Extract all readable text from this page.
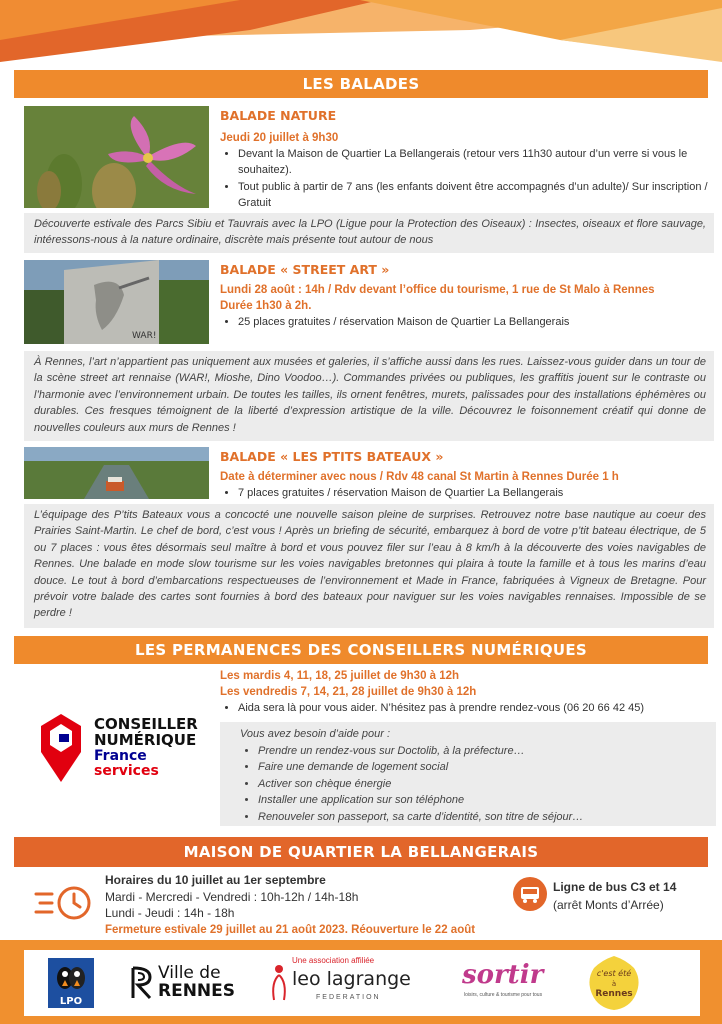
LES BALADES
BALADE NATURE
Jeudi 20 juillet à 9h30
• Devant la Maison de Quartier La Bellangerais (retour vers 11h30 autour d’un verre si vous le souhaitez).
• Tout public à partir de 7 ans (les enfants doivent être accompagnés d’un adulte)/ Sur inscription / Gratuit
Découverte estivale des Parcs Sibiu et Tauvrais avec la LPO (Ligue pour la Protection des Oiseaux) : Insectes, oiseaux et flore sauvage, intéressons-nous à la nature ordinaire, discrète mais présente tout autour de nous
WAR!
BALADE « STREET ART »
Lundi 28 août : 14h / Rdv devant l’office du tourisme, 1 rue de St Malo à Rennes
Durée 1h30 à 2h.
• 25 places gratuites / réservation Maison de Quartier La Bellangerais
À Rennes, l’art n’appartient pas uniquement aux musées et galeries, il s’affiche aussi dans les rues. Laissez-vous guider dans un tour de la scène street art rennaise (WAR!, Mioshe, Dino Voodoo…). Commandes privées ou publiques, les graffitis jouent sur le contraste ou l’harmonie avec l’environnement urbain. De toutes les tailles, ils ornent fenêtres, murets, palissades pour des installations éphémères ou durables. Ces fresques témoignent de la liberté d’expression artistique de la ville. Découvrez le foisonnement créatif qui donne de nouvelles couleurs aux murs de Rennes !
BALADE « LES PTITS BATEAUX »
Date à déterminer avec nous / Rdv 48 canal St Martin à Rennes Durée 1 h
• 7 places gratuites / réservation Maison de Quartier La Bellangerais
L’équipage des P’tits Bateaux vous a concocté une nouvelle saison pleine de surprises. Retrouvez notre base nautique au coeur des Prairies Saint-Martin. Le chef de bord, c’est vous ! Après un briefing de sécurité, embarquez à bord de votre p’tit bateau électrique, de 5 ou 7 places : vous êtes désormais seul maître à bord et vous pouvez filer sur l’eau à 8 km/h à la découverte des voies navigables de Rennes. Une balade en mode slow tourisme sur les voies navigables bretonnes qui plaira à toute la famille et à tous les marins d’eau douce. Le tout à bord d’embarcations respectueuses de l’environnement et Made in France, fabriquées à Vigneux de Bretagne. Pour prévoir votre balade des cartes sont fournies à bord des bateaux pour naviguer sur les voies navigables rennaises. Impossible de se perdre !
LES PERMANENCES DES CONSEILLERS NUMÉRIQUES
Les mardis 4, 11, 18, 25 juillet de 9h30 à 12h
Les vendredis 7, 14, 21, 28 juillet de 9h30 à 12h
• Aida sera là pour vous aider. N’hésitez pas à prendre rendez-vous (06 20 66 42 45)
CONSEILLER
NUMÉRIQUE
France
services
Vous avez besoin d’aide pour :
• Prendre un rendez-vous sur Doctolib, à la préfecture…
• Faire une demande de logement social
• Activer son chèque énergie
• Installer une application sur son téléphone
• Renouveler son passeport, sa carte d’identité, son titre de séjour…
MAISON DE QUARTIER LA BELLANGERAIS
Horaires du 10 juillet au 1er septembre
Mardi - Mercredi - Vendredi : 10h-12h / 14h-18h
Lundi - Jeudi : 14h - 18h
Fermeture estivale 29 juillet au 21 août 2023. Réouverture le 22 août
Ligne de bus C3 et 14
(arrêt Monts d’Arrée)
LPO
Ville de
RENNES
Une association affiliée
leo lagrange
FEDERATION
sortir
loisirs, culture & tourisme pour tous
c'est été
à
Rennes
